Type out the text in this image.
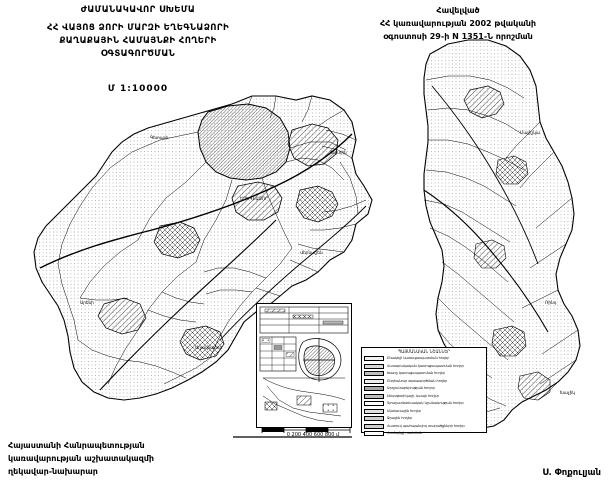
ՊԱՅՄԱՆԱԿԱՆ ՆՇԱՆՆԵՐ
Բնակելի կառուցապատման հողեր
Հասարակական կառուցապատման հողեր
Խառը կառուցապատման հողեր
Ընդհանուր օգտագործման հողեր
Արդյունաբերության հողեր
Էներգետիկայի, կապի հողեր
Գյուղատնտեսական նշանակության հողեր
Անտառային հողեր
Ջրային հողեր
Հատուկ պահպանվող տարածքների հողեր
Համայնքի սահման
0 200 400 600 800 մ
ԺԱՄԱՆԱԿԱՎՈՐ ՍԽԵՄԱ
ՀՀ ՎԱՅՈՑ ՁՈՐԻ ՄԱՐԶԻ ԵՂԵԳՆԱՁՈՐԻ
ՔԱՂԱՔԱՅԻՆ ՀԱՄԱՅՆՔԻ ՀՈՂԵՐԻ
ՕԳՏԱԳՈՐԾՄԱՆ
Մ 1:10000
Հավելված
ՀՀ կառավարության 2002 թվականի
օգոստոսի 29-ի N 1351-Ն որոշման
Հայաստանի Հանրապետության
կառավարության աշխատակազմի
ղեկավար-նախարար	Ս. Փոքուլյան
ԵՂԵԳՆԱՁՈՐ
Գետափ
Շատին
Արենի
Աղավնաձոր
Մալիշկա
Վերնաշեն
Ռինդ
Խաչիկ
